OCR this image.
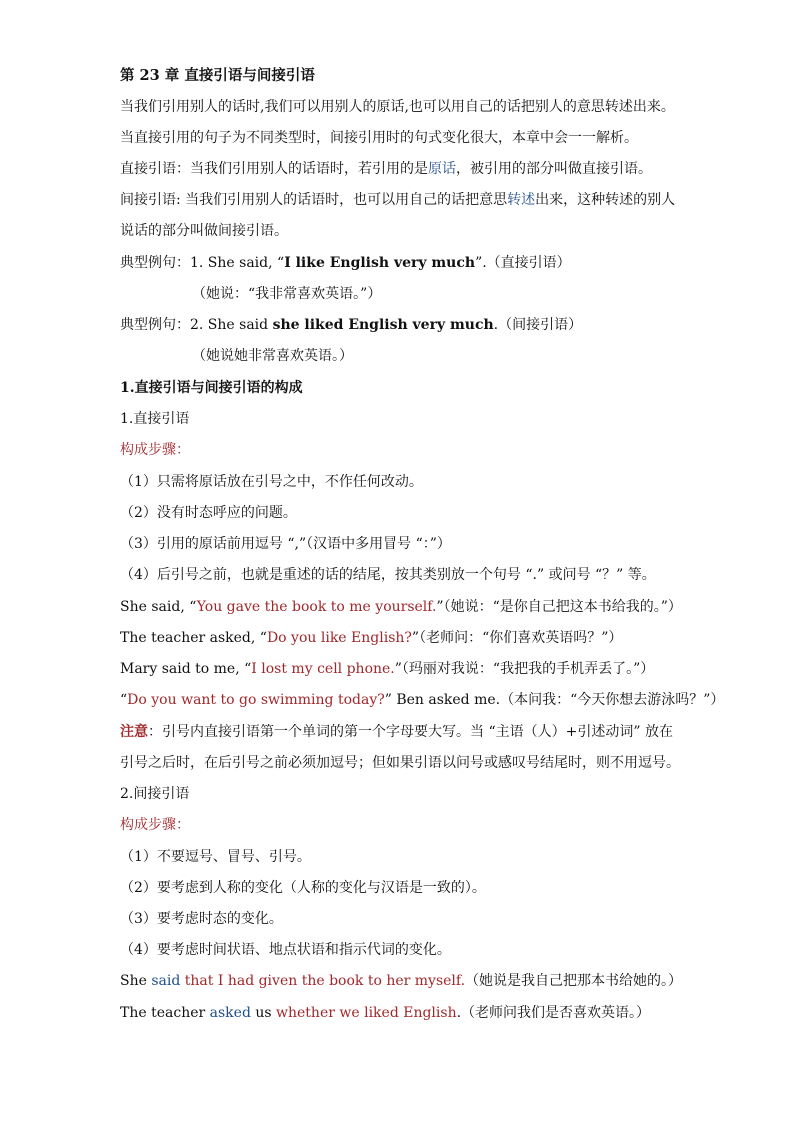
第 23 章 直接引语与间接引语
当我们引用别人的话时,我们可以用别人的原话,也可以用自己的话把别人的意思转述出来。
当直接引用的句子为不同类型时，间接引用时的句式变化很大，本章中会一一解析。
直接引语：当我们引用别人的话语时，若引用的是原话，被引用的部分叫做直接引语。
间接引语: 当我们引用别人的话语时，也可以用自己的话把意思转述出来，这种转述的别人
说话的部分叫做间接引语。
典型例句：1. She said, “I like English very much”.（直接引语）
（她说：“我非常喜欢英语。”）
典型例句：2. She said she liked English very much.（间接引语）
（她说她非常喜欢英语。）
1.直接引语与间接引语的构成
1.直接引语
构成步骤：
（1）只需将原话放在引号之中，不作任何改动。
（2）没有时态呼应的问题。
（3）引用的原话前用逗号 “,”（汉语中多用冒号 “：”）
（4）后引号之前，也就是重述的话的结尾，按其类别放一个句号 “.” 或问号 “？” 等。
She said, “You gave the book to me yourself.”（她说：“是你自己把这本书给我的。”）
The teacher asked, “Do you like English?”（老师问：“你们喜欢英语吗？”）
Mary said to me, “I lost my cell phone.”（玛丽对我说：“我把我的手机弄丢了。”）
“Do you want to go swimming today?” Ben asked me.（本问我：“今天你想去游泳吗？”）
注意：引号内直接引语第一个单词的第一个字母要大写。当 “主语（人）+引述动词” 放在
引号之后时，在后引号之前必须加逗号；但如果引语以问号或感叹号结尾时，则不用逗号。
2.间接引语
构成步骤：
（1）不要逗号、冒号、引号。
（2）要考虑到人称的变化（人称的变化与汉语是一致的）。
（3）要考虑时态的变化。
（4）要考虑时间状语、地点状语和指示代词的变化。
She said that I had given the book to her myself.（她说是我自己把那本书给她的。）
The teacher asked us whether we liked English.（老师问我们是否喜欢英语。）
